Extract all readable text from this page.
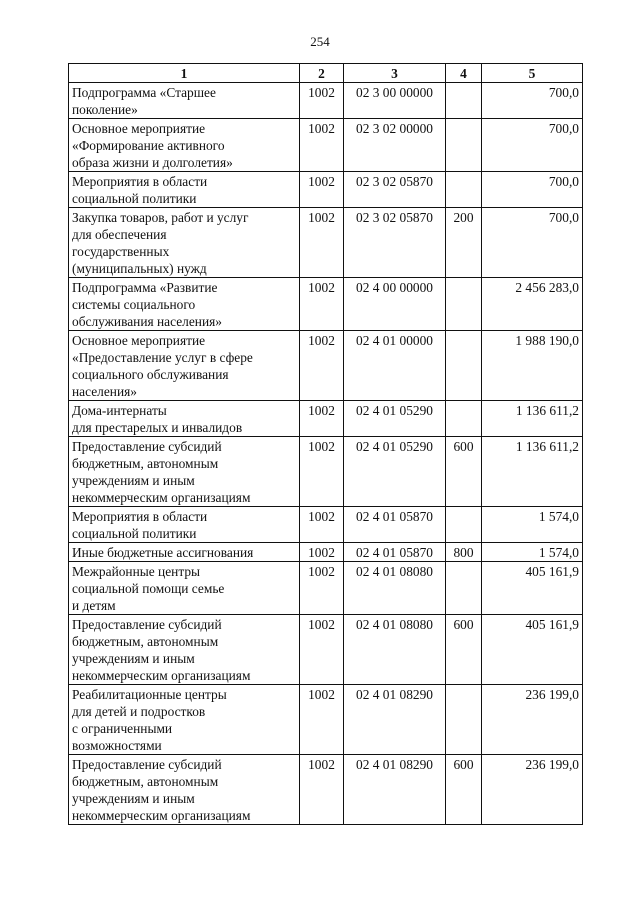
254
1	2	3	4	5
Подпрограмма «Старшее
поколение»	1002	02 3 00 00000		700,0
Основное мероприятие
«Формирование активного
образа жизни и долголетия»	1002	02 3 02 00000		700,0
Мероприятия в области
социальной политики	1002	02 3 02 05870		700,0
Закупка товаров, работ и услуг
для обеспечения
государственных
(муниципальных) нужд	1002	02 3 02 05870	200	700,0
Подпрограмма «Развитие
системы социального
обслуживания населения»	1002	02 4 00 00000		2 456 283,0
Основное мероприятие
«Предоставление услуг в сфере
социального обслуживания
населения»	1002	02 4 01 00000		1 988 190,0
Дома-интернаты
для престарелых и инвалидов	1002	02 4 01 05290		1 136 611,2
Предоставление субсидий
бюджетным, автономным
учреждениям и иным
некоммерческим организациям	1002	02 4 01 05290	600	1 136 611,2
Мероприятия в области
социальной политики	1002	02 4 01 05870		1 574,0
Иные бюджетные ассигнования	1002	02 4 01 05870	800	1 574,0
Межрайонные центры
социальной помощи семье
и детям	1002	02 4 01 08080		405 161,9
Предоставление субсидий
бюджетным, автономным
учреждениям и иным
некоммерческим организациям	1002	02 4 01 08080	600	405 161,9
Реабилитационные центры
для детей и подростков
с ограниченными
возможностями	1002	02 4 01 08290		236 199,0
Предоставление субсидий
бюджетным, автономным
учреждениям и иным
некоммерческим организациям	1002	02 4 01 08290	600	236 199,0
